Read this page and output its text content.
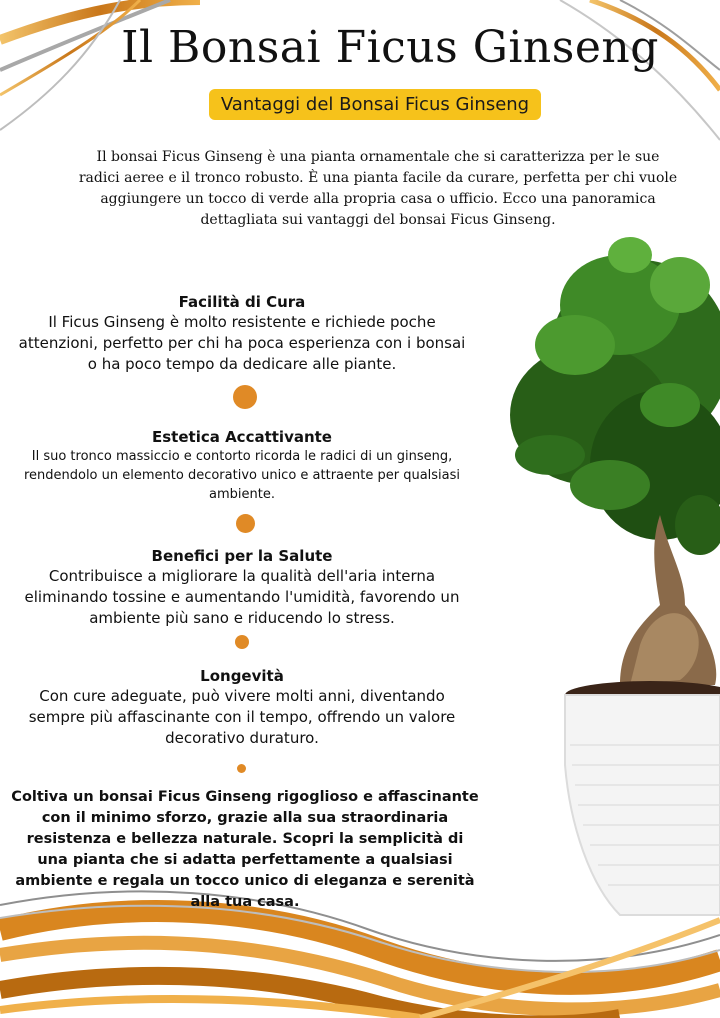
Il Bonsai Ficus Ginseng
Vantaggi del Bonsai Ficus Ginseng
Il bonsai Ficus Ginseng è una pianta ornamentale che si caratterizza per le sue radici aeree e il tronco robusto. È una pianta facile da curare, perfetta per chi vuole aggiungere un tocco di verde alla propria casa o ufficio. Ecco una panoramica dettagliata sui vantaggi del bonsai Ficus Ginseng.
Facilità di Cura
Il Ficus Ginseng è molto resistente e richiede poche attenzioni, perfetto per chi ha poca esperienza con i bonsai o ha poco tempo da dedicare alle piante.
Estetica Accattivante
Il suo tronco massiccio e contorto ricorda le radici di un ginseng, rendendolo un elemento decorativo unico e attraente per qualsiasi ambiente.
Benefici per la Salute
Contribuisce a migliorare la qualità dell'aria interna eliminando tossine e aumentando l'umidità, favorendo un ambiente più sano e riducendo lo stress.
Longevità
Con cure adeguate, può vivere molti anni, diventando sempre più affascinante con il tempo, offrendo un valore decorativo duraturo.
Coltiva un bonsai Ficus Ginseng rigoglioso e affascinante con il minimo sforzo, grazie alla sua straordinaria resistenza e bellezza naturale. Scopri la semplicità di una pianta che si adatta perfettamente a qualsiasi ambiente e regala un tocco unico di eleganza e serenità alla tua casa.
